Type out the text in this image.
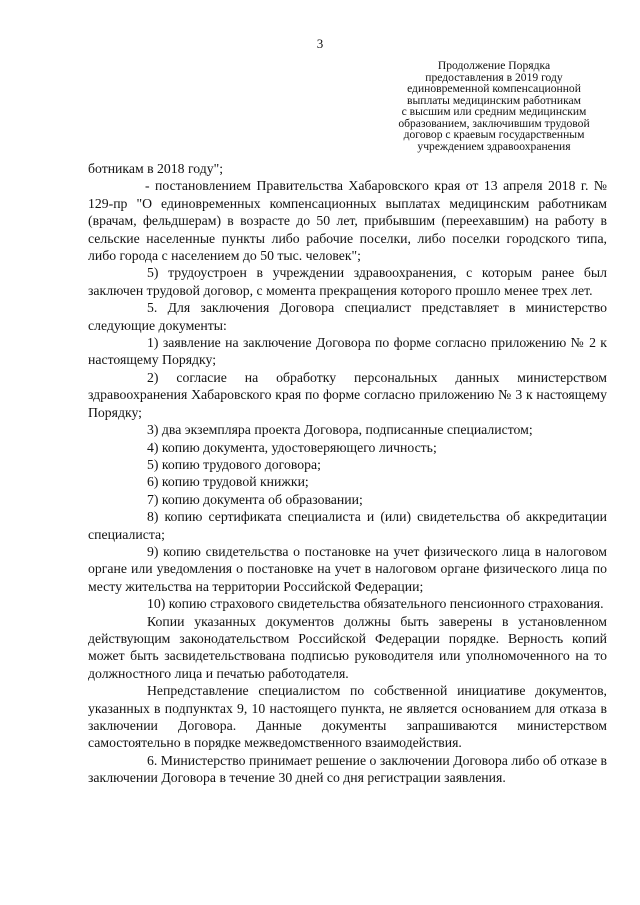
3
Продолжение Порядка
предоставления в 2019 году
единовременной компенсационной
выплаты медицинским работникам
с высшим или средним медицинским
образованием, заключившим трудовой
договор с краевым государственным
учреждением здравоохранения

ботникам в 2018 году";

- постановлением Правительства Хабаровского края от 13 апреля 2018 г. № 129-пр "О единовременных компенсационных выплатах медицинским работникам (врачам, фельдшерам) в возрасте до 50 лет, прибывшим (переехавшим) на работу в сельские населенные пункты либо рабочие поселки, либо поселки городского типа, либо города с населением до 50 тыс. человек";

5) трудоустроен в учреждении здравоохранения, с которым ранее был заключен трудовой договор, с момента прекращения которого прошло менее трех лет.

5. Для заключения Договора специалист представляет в министерство следующие документы:

1) заявление на заключение Договора по форме согласно приложению № 2 к настоящему Порядку;

2) согласие на обработку персональных данных министерством здравоохранения Хабаровского края по форме согласно приложению № 3 к настоящему Порядку;

3) два экземпляра проекта Договора, подписанные специалистом;

4) копию документа, удостоверяющего личность;

5) копию трудового договора;

6) копию трудовой книжки;

7) копию документа об образовании;

8) копию сертификата специалиста и (или) свидетельства об аккредитации специалиста;

9) копию свидетельства о постановке на учет физического лица в налоговом органе или уведомления о постановке на учет в налоговом органе физического лица по месту жительства на территории Российской Федерации;

10) копию страхового свидетельства обязательного пенсионного страхования.

Копии указанных документов должны быть заверены в установленном действующим законодательством Российской Федерации порядке. Верность копий может быть засвидетельствована подписью руководителя или уполномоченного на то должностного лица и печатью работодателя.

Непредставление специалистом по собственной инициативе документов, указанных в подпунктах 9, 10 настоящего пункта, не является основанием для отказа в заключении Договора. Данные документы запрашиваются министерством самостоятельно в порядке межведомственного взаимодействия.

6. Министерство принимает решение о заключении Договора либо об отказе в заключении Договора в течение 30 дней со дня регистрации заявления.
